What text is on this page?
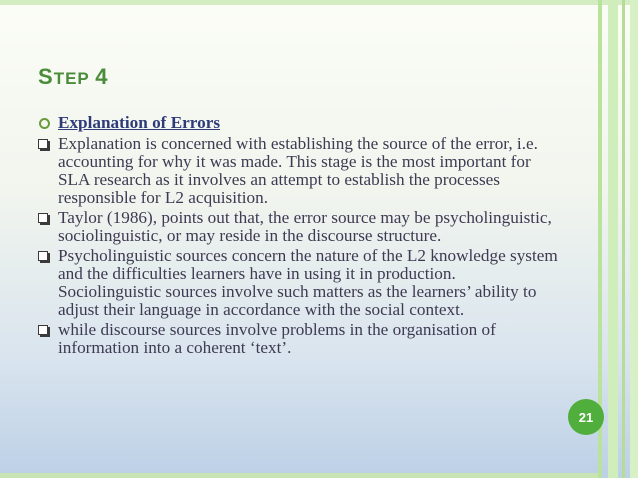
STEP 4
Explanation of Errors
Explanation is concerned with establishing the source of the error, i.e. accounting for why it was made. This stage is the most important for SLA research as it involves an attempt to establish the processes responsible for L2 acquisition.
Taylor (1986), points out that, the error source may be psycholinguistic, sociolinguistic, or may reside in the discourse structure.
Psycholinguistic sources concern the nature of the L2 knowledge system and the difficulties learners have in using it in production. Sociolinguistic sources involve such matters as the learners’ ability to adjust their language in accordance with the social context.
while discourse sources involve problems in the organisation of information into a coherent ‘text’.
21
